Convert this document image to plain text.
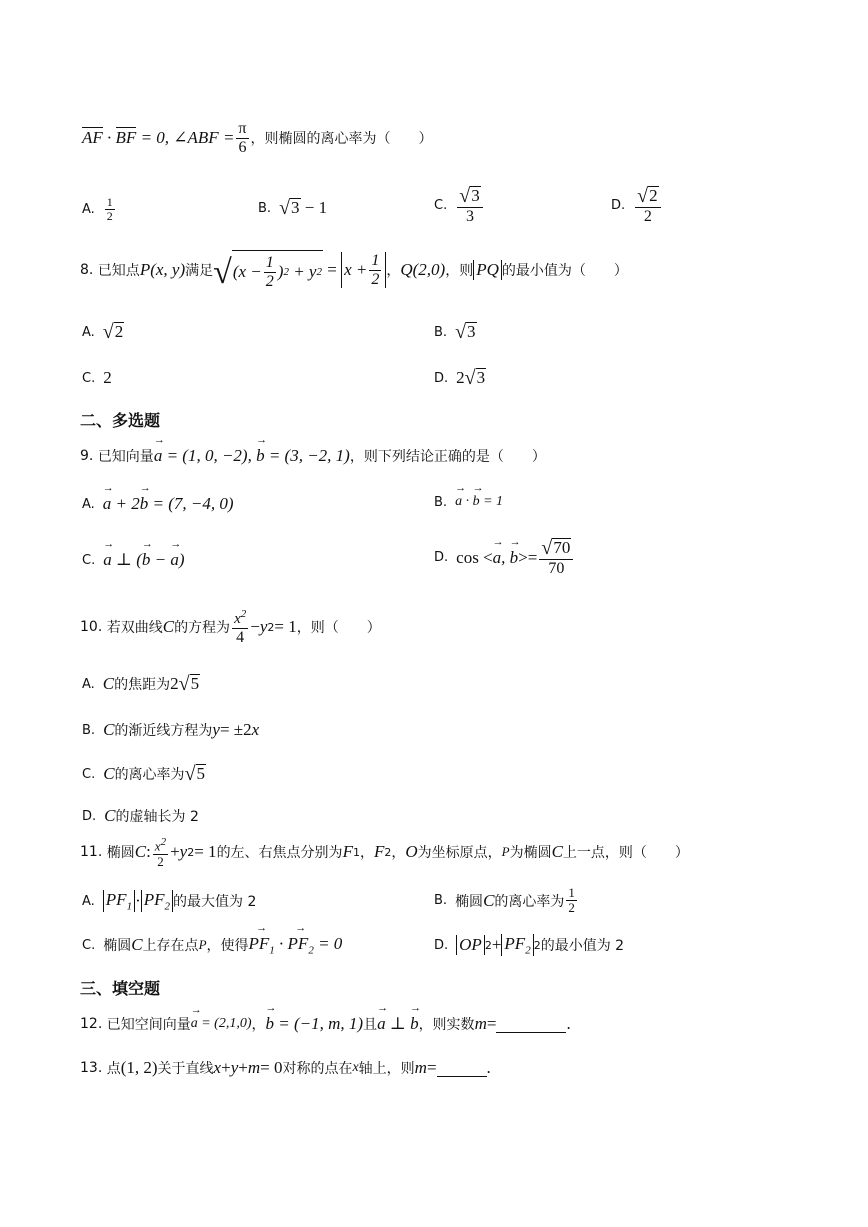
AF · BF = 0, ∠ABF = $\frac{\pi}{6}$ ，则椭圆的离心率为（　　）
A. $\frac{1}{2}$	B. √ 3 − 1	C. $\frac{√ 3}{3}$	D. $\frac{√ 2}{2}$
8.
已知点 P(x, y) 满足 √ ( $x - \frac{1}{2}$ ) 2 + y $2 = x + \frac{1}{2}$ ， Q(2,0) ，则 PQ 的最小值为（　　）
A. √ 2	B. √ 3
C. 2	D. 2 √ 3
二、多选题
9.
已知向量 a → = (1, 0, −2), b → = (3, −2, 1) ，则下列结论正确的是（　　）
A. a → + 2b → = (7, −4, 0)	B. a → · b → = 1
C. a → ⊥ (b → − a →)	D. cos < a →, b → >= $\frac{√ 70}{70}$
10.
若双曲线 C 的方程为 $\frac{x^2}{4} - y$ 2 = 1 ，则（　　）
A. C 的焦距为 2 √ 5
B. C 的渐近线方程为 y = ±2 x
C. C 的离心率为 √ 5
D. C 的虚轴长为 2
11.
椭圆 C : $\frac{x^2}{2} + y$ 2 = 1 的左、右焦点分别为 F 1 ， F 2 ， O 为坐标原点， P 为椭圆 C 上一点，则（　　）
A. $PF_1 \cdot PF_2$ 的最大值为 2	B. 椭圆 C 的离心率为 $\frac{1}{2}$
C. 椭圆 C 上存在点 P ，使得 $PF_1$ → · $PF_2$ → = 0	D. OP $2 + PF_2$ 2 的最小值为 2
三、填空题
12.
已知空间向量 a → = (2,1,0) ， b → = (−1, m, 1) 且 a → ⊥ b → ，则实数 m =	.
13.
点 (1, 2) 关于直线 x + y + m = 0 对称的点在 x 轴上，则 m =	.
